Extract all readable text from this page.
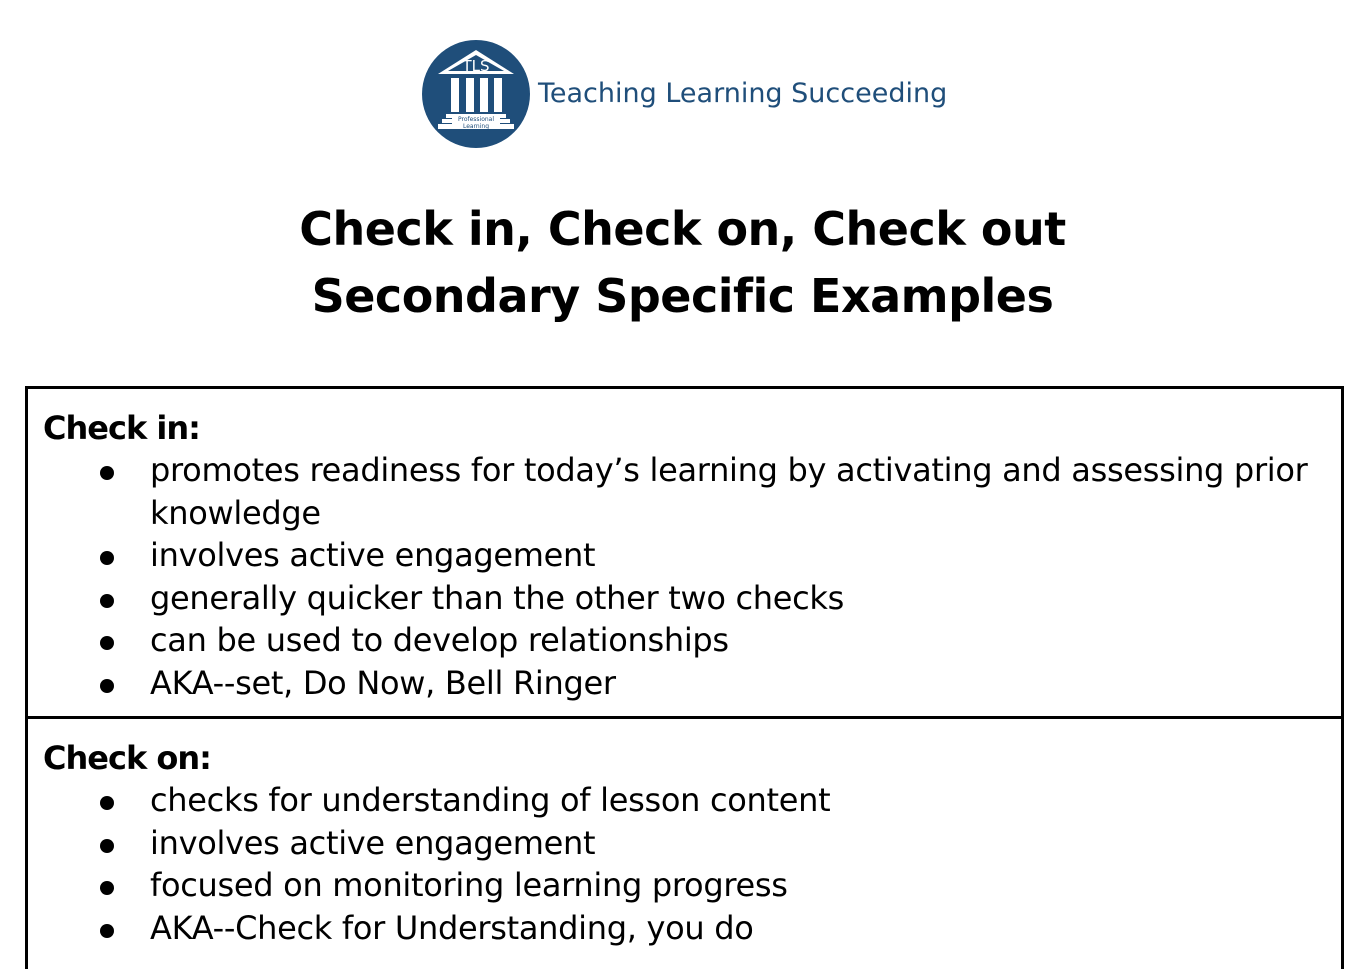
TLS
Professional
Learning
Teaching Learning Succeeding
Check in, Check on, Check out
Secondary Specific Examples
Check in:
promotes readiness for today’s learning by activating and assessing prior knowledge
involves active engagement
generally quicker than the other two checks
can be used to develop relationships
AKA--set, Do Now, Bell Ringer
Check on:
checks for understanding of lesson content
involves active engagement
focused on monitoring learning progress
AKA--Check for Understanding, you do
